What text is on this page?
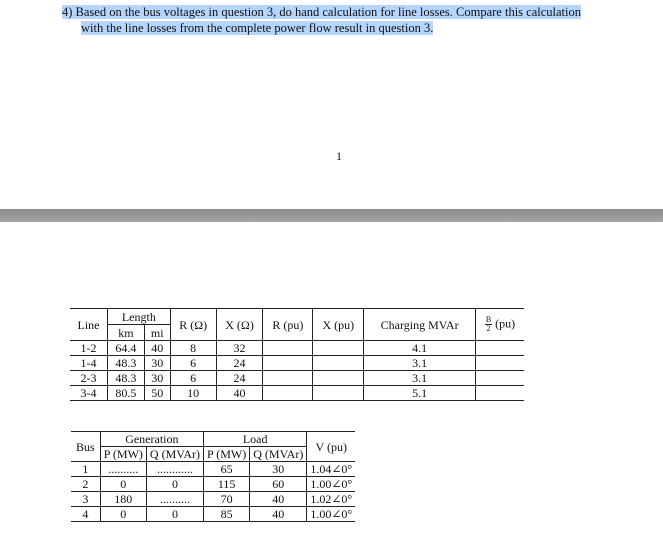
4) Based on the bus voltages in question 3, do hand calculation for line losses. Compare this calculation
with the line losses from the complete power flow result in question 3.
1
Line	Length		R (Ω)	X (Ω)	R (pu)	X (pu)	Charging MVAr	$\frac{B}{2} (pu)$
	km	mi						
1-2	64.4	40	8	32			4.1	
1-4	48.3	30	6	24			3.1	
2-3	48.3	30	6	24			3.1	
3-4	80.5	50	10	40			5.1	
Bus	Generation		Load		V (pu)
	P (MW)	Q (MVAr)	P (MW)	Q (MVAr)	
1	..........	............	65	30	1.04∠0°
2	0	0	115	60	1.00∠0°
3	180	..........	70	40	1.02∠0°
4	0	0	85	40	1.00∠0°
